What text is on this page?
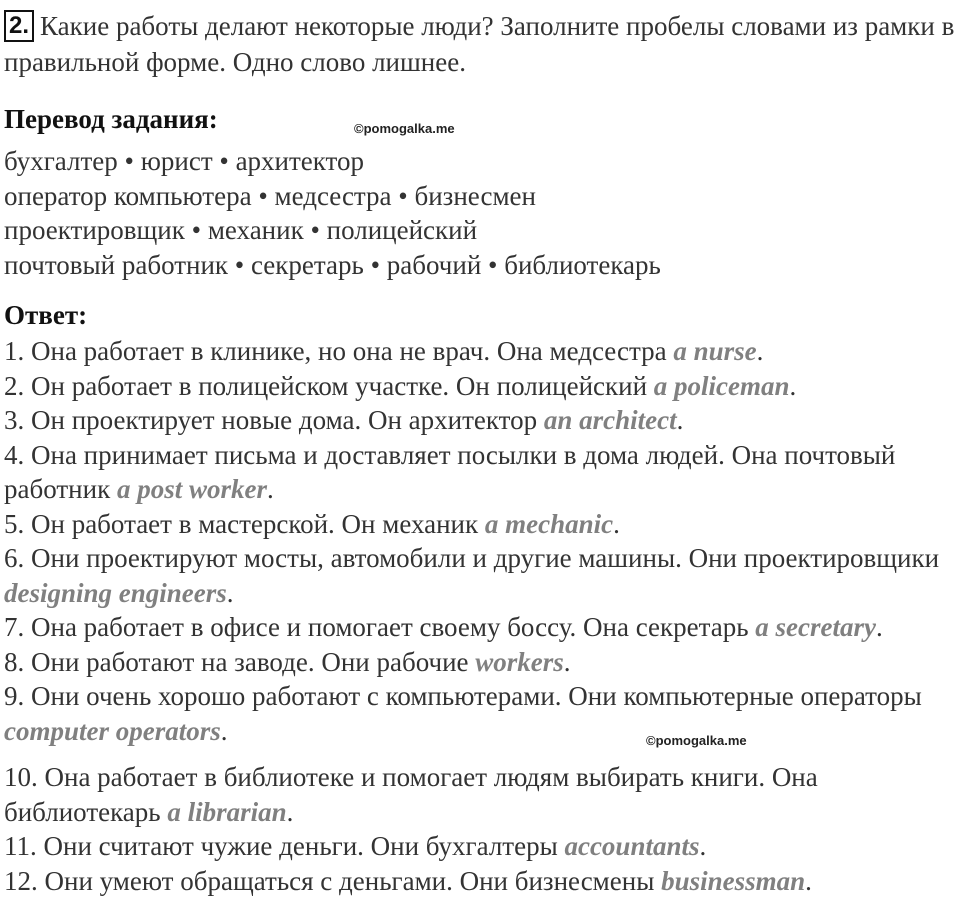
2. Какие работы делают некоторые люди? Заполните пробелы словами из рамки в правильной форме. Одно слово лишнее.
Перевод задания:
бухгалтер • юрист • архитектор
оператор компьютера • медсестра • бизнесмен
проектировщик • механик • полицейский
почтовый работник • секретарь • рабочий • библиотекарь
Ответ:
1. Она работает в клинике, но она не врач. Она медсестра a nurse.
2. Он работает в полицейском участке. Он полицейский a policeman.
3. Он проектирует новые дома. Он архитектор an architect.
4. Она принимает письма и доставляет посылки в дома людей. Она почтовый работник a post worker.
5. Он работает в мастерской. Он механик a mechanic.
6. Они проектируют мосты, автомобили и другие машины. Они проектировщики designing engineers.
7. Она работает в офисе и помогает своему боссу. Она секретарь a secretary.
8. Они работают на заводе. Они рабочие workers.
9. Они очень хорошо работают с компьютерами. Они компьютерные операторы computer operators.
10. Она работает в библиотеке и помогает людям выбирать книги. Она библиотекарь a librarian.
11. Они считают чужие деньги. Они бухгалтеры accountants.
12. Они умеют обращаться с деньгами. Они бизнесмены businessman.
©pomogalka.me
©pomogalka.me
